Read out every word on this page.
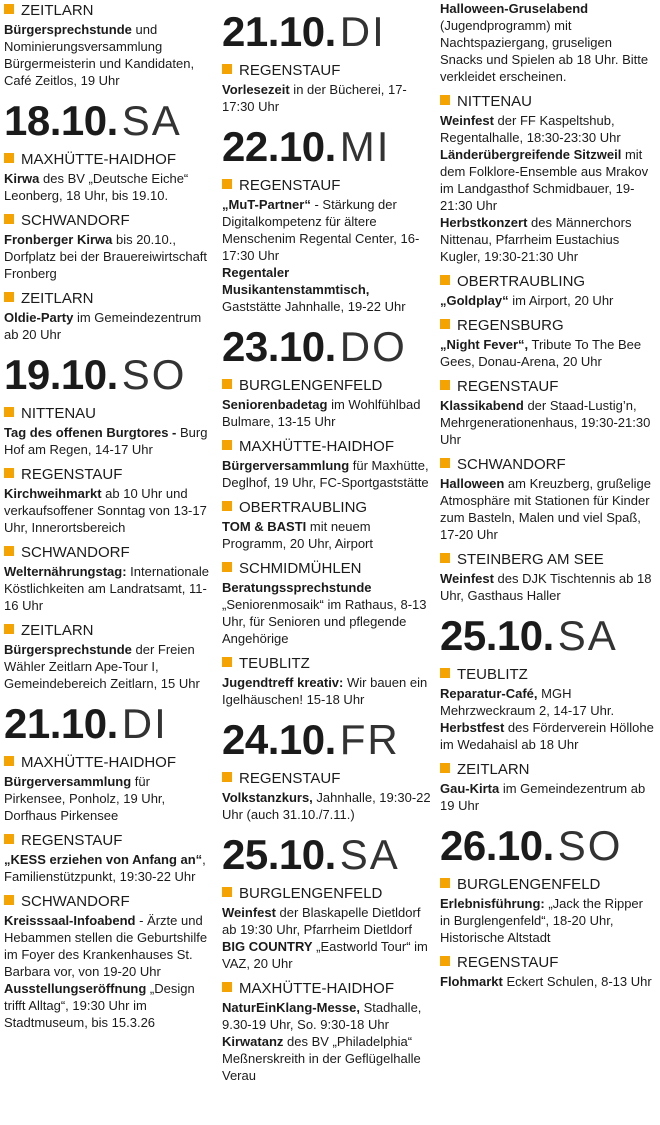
ZEITLARN

Bürgersprechstunde und Nominierungsversammlung Bürgermeisterin und Kandidaten, Café Zeitlos, 19 Uhr

18.10.SA
MAXHÜTTE-HAIDHOF

Kirwa des BV „Deutsche Eiche“ Leonberg, 18 Uhr, bis 19.10.

SCHWANDORF

Fronberger Kirwa bis 20.10., Dorfplatz bei der Brauereiwirtschaft Fronberg

ZEITLARN

Oldie-Party im Gemeindezentrum ab 20 Uhr

19.10.SO
NITTENAU

Tag des offenen Burgtores - Burg Hof am Regen, 14-17 Uhr

REGENSTAUF

Kirchweihmarkt ab 10 Uhr und verkaufsoffener Sonntag von 13-17 Uhr, Innerortsbereich

SCHWANDORF

Welternährungstag: Internationale Köstlichkeiten am Landratsamt, 11-16 Uhr

ZEITLARN

Bürgersprechstunde der Freien Wähler Zeitlarn Ape-Tour I, Gemeindebereich Zeitlarn, 15 Uhr

21.10.DI
MAXHÜTTE-HAIDHOF

Bürgerversammlung für Pirkensee, Ponholz, 19 Uhr, Dorfhaus Pirkensee

REGENSTAUF

„KESS erziehen von Anfang an“, Familienstützpunkt, 19:30-22 Uhr

SCHWANDORF

Kreisssaal-Infoabend - Ärzte und Hebammen stellen die Geburtshilfe im Foyer des Krankenhauses St. Barbara vor, von 19-20 Uhr

Ausstellungseröffnung „Design trifft Alltag“, 19:30 Uhr im Stadtmuseum, bis 15.3.26

21.10.DI
REGENSTAUF

Vorlesezeit in der Bücherei, 17-17:30 Uhr

22.10.MI
REGENSTAUF

„MuT-Partner“ - Stärkung der Digitalkompetenz für ältere Menschenim Regental Center, 16-17:30 Uhr

Regentaler Musikantenstammtisch, Gaststätte Jahnhalle, 19-22 Uhr

23.10.DO
BURGLENGENFELD

Seniorenbadetag im Wohlfühlbad Bulmare, 13-15 Uhr

MAXHÜTTE-HAIDHOF

Bürgerversammlung für Maxhütte, Deglhof, 19 Uhr, FC-Sportgaststätte

OBERTRAUBLING

TOM & BASTI mit neuem Programm, 20 Uhr, Airport

SCHMIDMÜHLEN

Beratungssprechstunde „Seniorenmosaik“ im Rathaus, 8-13 Uhr, für Senioren und pflegende Angehörige

TEUBLITZ

Jugendtreff kreativ: Wir bauen ein Igelhäuschen! 15-18 Uhr

24.10.FR
REGENSTAUF

Volkstanzkurs, Jahnhalle, 19:30-22 Uhr (auch 31.10./7.11.)

25.10.SA
BURGLENGENFELD

Weinfest der Blaskapelle Dietldorf ab 19:30 Uhr, Pfarrheim Dietldorf

BIG COUNTRY „Eastworld Tour“ im VAZ, 20 Uhr

MAXHÜTTE-HAIDHOF

NaturEinKlang-Messe, Stadhalle, 9.30-19 Uhr, So. 9:30-18 Uhr

Kirwatanz des BV „Philadelphia“ Meßnerskreith in der Geflügelhalle Verau

Halloween-Gruselabend (Jugendprogramm) mit Nachtspaziergang, gruseligen Snacks und Spielen ab 18 Uhr. Bitte verkleidet erscheinen.

NITTENAU

Weinfest der FF Kaspeltshub, Regentalhalle, 18:30-23:30 Uhr

Länderübergreifende Sitzweil mit dem Folklore-Ensemble aus Mrakov im Landgasthof Schmidbauer, 19-21:30 Uhr

Herbstkonzert des Männerchors Nittenau, Pfarrheim Eustachius Kugler, 19:30-21:30 Uhr

OBERTRAUBLING

„Goldplay“ im Airport, 20 Uhr

REGENSBURG

„Night Fever“, Tribute To The Bee Gees, Donau-Arena, 20 Uhr

REGENSTAUF

Klassikabend der Staad-Lustig’n, Mehrgenerationenhaus, 19:30-21:30 Uhr

SCHWANDORF

Halloween am Kreuzberg, grußelige Atmosphäre mit Stationen für Kinder zum Basteln, Malen und viel Spaß, 17-20 Uhr

STEINBERG AM SEE

Weinfest des DJK Tischtennis ab 18 Uhr, Gasthaus Haller

25.10.SA
TEUBLITZ

Reparatur-Café, MGH Mehrzweckraum 2, 14-17 Uhr.

Herbstfest des Förderverein Höllohe im Wedahaisl ab 18 Uhr

ZEITLARN

Gau-Kirta im Gemeindezentrum ab 19 Uhr

26.10.SO
BURGLENGENFELD

Erlebnisführung: „Jack the Ripper in Burglengenfeld“, 18-20 Uhr, Historische Altstadt

REGENSTAUF

Flohmarkt Eckert Schulen, 8-13 Uhr
